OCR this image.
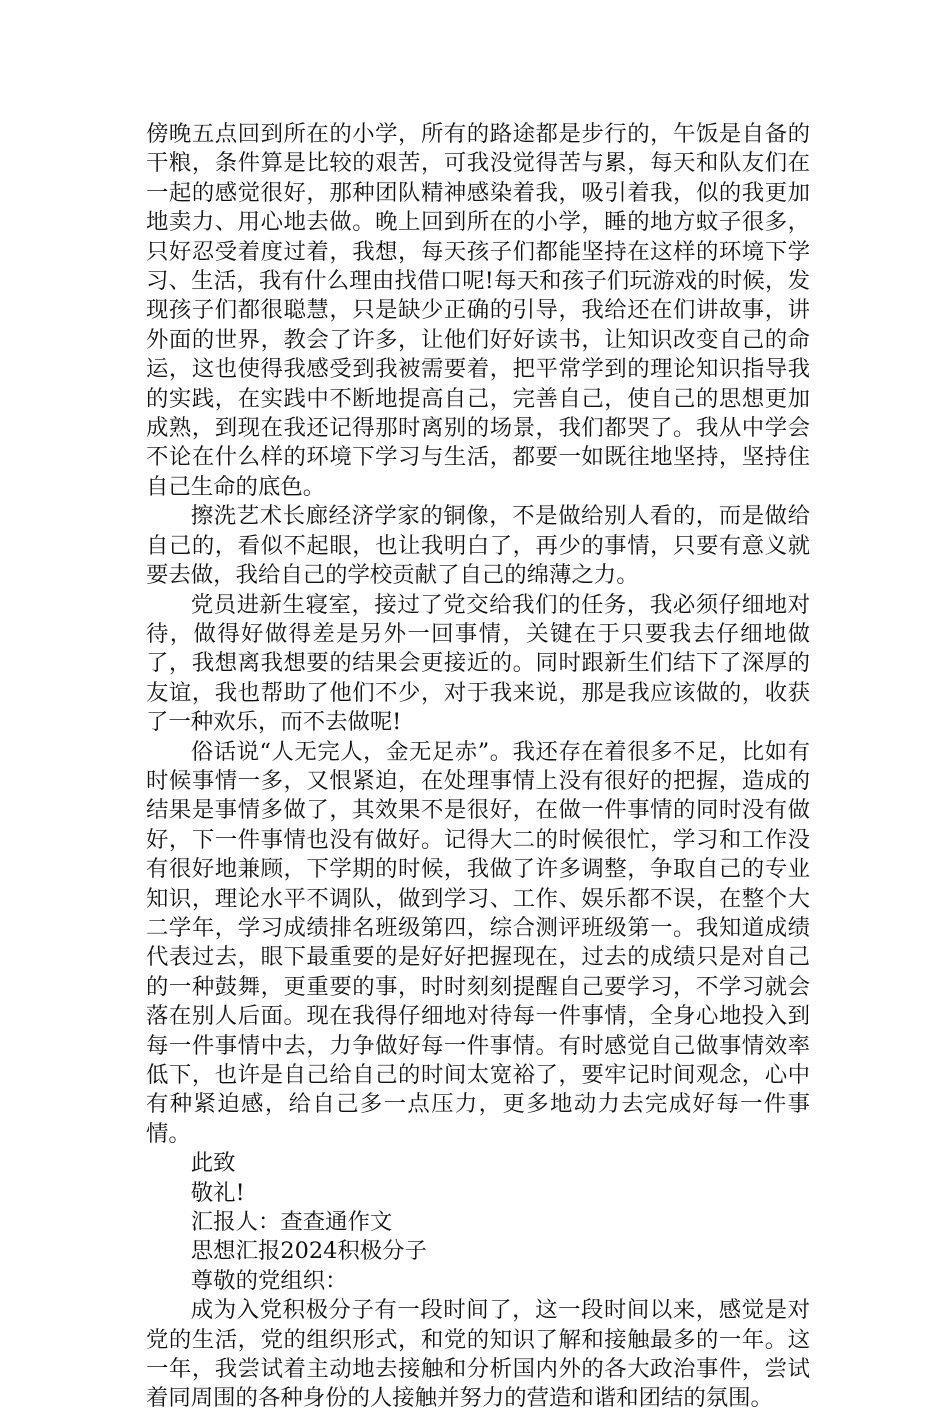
傍晚五点回到所在的小学，所有的路途都是步行的，午饭是自备的干粮，条件算是比较的艰苦，可我没觉得苦与累，每天和队友们在一起的感觉很好，那种团队精神感染着我，吸引着我，似的我更加地卖力、用心地去做。晚上回到所在的小学，睡的地方蚊子很多，只好忍受着度过着，我想，每天孩子们都能坚持在这样的环境下学习、生活，我有什么理由找借口呢!每天和孩子们玩游戏的时候，发现孩子们都很聪慧，只是缺少正确的引导，我给还在们讲故事，讲外面的世界，教会了许多，让他们好好读书，让知识改变自己的命运，这也使得我感受到我被需要着，把平常学到的理论知识指导我的实践，在实践中不断地提高自己，完善自己，使自己的思想更加成熟，到现在我还记得那时离别的场景，我们都哭了。我从中学会不论在什么样的环境下学习与生活，都要一如既往地坚持，坚持住自己生命的底色。

擦洗艺术长廊经济学家的铜像，不是做给别人看的，而是做给自己的，看似不起眼，也让我明白了，再少的事情，只要有意义就要去做，我给自己的学校贡献了自己的绵薄之力。

党员进新生寝室，接过了党交给我们的任务，我必须仔细地对待，做得好做得差是另外一回事情，关键在于只要我去仔细地做了，我想离我想要的结果会更接近的。同时跟新生们结下了深厚的友谊，我也帮助了他们不少，对于我来说，那是我应该做的，收获了一种欢乐，而不去做呢!

俗话说“人无完人，金无足赤”。我还存在着很多不足，比如有时候事情一多，又恨紧迫，在处理事情上没有很好的把握，造成的结果是事情多做了，其效果不是很好，在做一件事情的同时没有做好，下一件事情也没有做好。记得大二的时候很忙，学习和工作没有很好地兼顾，下学期的时候，我做了许多调整，争取自己的专业知识，理论水平不调队，做到学习、工作、娱乐都不误，在整个大二学年，学习成绩排名班级第四，综合测评班级第一。我知道成绩代表过去，眼下最重要的是好好把握现在，过去的成绩只是对自己的一种鼓舞，更重要的事，时时刻刻提醒自己要学习，不学习就会落在别人后面。现在我得仔细地对待每一件事情，全身心地投入到每一件事情中去，力争做好每一件事情。有时感觉自己做事情效率低下，也许是自己给自己的时间太宽裕了，要牢记时间观念，心中有种紧迫感，给自己多一点压力，更多地动力去完成好每一件事情。

此致

敬礼!

汇报人：查查通作文

思想汇报2024积极分子

尊敬的党组织：

成为入党积极分子有一段时间了，这一段时间以来，感觉是对党的生活，党的组织形式，和党的知识了解和接触最多的一年。这一年，我尝试着主动地去接触和分析国内外的各大政治事件，尝试着同周围的各种身份的人接触并努力的营造和谐和团结的氛围。
